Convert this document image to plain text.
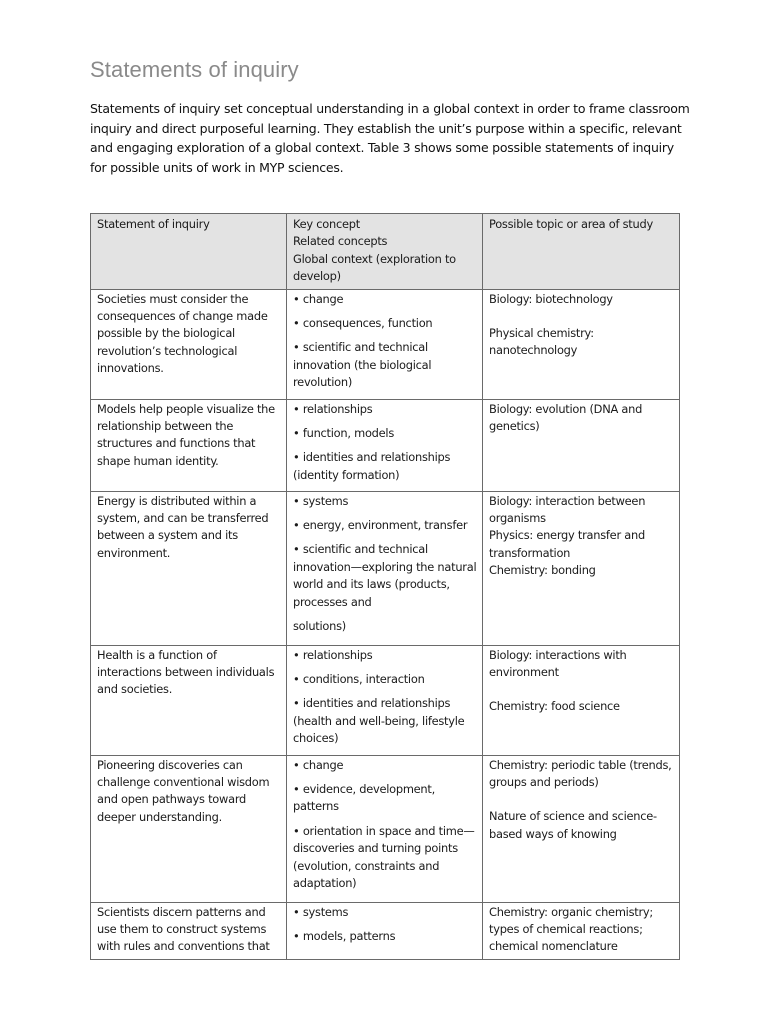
Statements of inquiry

Statements of inquiry set conceptual understanding in a global context in order to frame classroom inquiry and direct purposeful learning. They establish the unit’s purpose within a specific, relevant and engaging exploration of a global context. Table 3 shows some possible statements of inquiry for possible units of work in MYP sciences.

Statement of inquiry	Key concept
Related concepts
Global context (exploration to develop)	Possible topic or area of study

Societies must consider the consequences of change made possible by the biological revolution’s technological innovations.	• change
• consequences, function
• scientific and technical innovation (the biological revolution)	Biology: biotechnology
Physical chemistry: nanotechnology

Models help people visualize the relationship between the structures and functions that shape human identity.	• relationships
• function, models
• identities and relationships (identity formation)	Biology: evolution (DNA and genetics)

Energy is distributed within a system, and can be transferred between a system and its environment.	• systems
• energy, environment, transfer
• scientific and technical innovation—exploring the natural world and its laws (products, processes and
solutions)	Biology: interaction between organisms
Physics: energy transfer and transformation
Chemistry: bonding

Health is a function of interactions between individuals and societies.	• relationships
• conditions, interaction
• identities and relationships (health and well-being, lifestyle choices)	Biology: interactions with environment
Chemistry: food science

Pioneering discoveries can challenge conventional wisdom and open pathways toward deeper understanding.	• change
• evidence, development, patterns
• orientation in space and time—discoveries and turning points (evolution, constraints and adaptation)	Chemistry: periodic table (trends, groups and periods)
Nature of science and science-based ways of knowing

Scientists discern patterns and use them to construct systems with rules and conventions that	• systems
• models, patterns	Chemistry: organic chemistry; types of chemical reactions; chemical nomenclature
